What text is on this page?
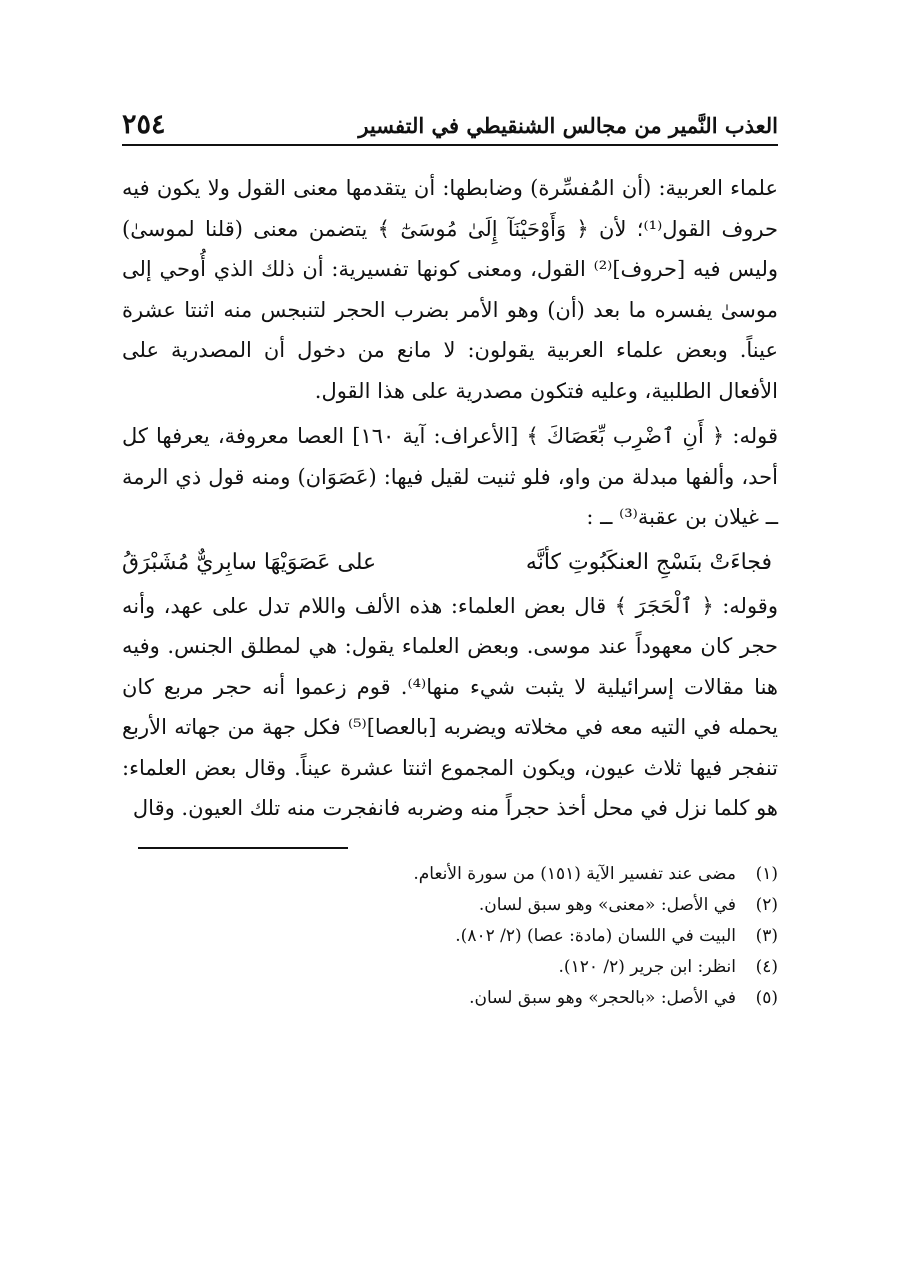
العذب النَّمير من مجالس الشنقيطي في التفسير
٢٥٤

علماء العربية: (أن المُفسِّرة) وضابطها: أن يتقدمها معنى القول ولا يكون فيه حروف القول⁽¹⁾؛ لأن ﴿ وَأَوْحَيْنَآ إِلَىٰ مُوسَىٰٓ ﴾ يتضمن معنى (قلنا لموسىٰ) وليس فيه [حروف]⁽²⁾ القول، ومعنى كونها تفسيرية: أن ذلك الذي أُوحي إلى موسىٰ يفسره ما بعد (أن) وهو الأمر بضرب الحجر لتنبجس منه اثنتا عشرة عيناً. وبعض علماء العربية يقولون: لا مانع من دخول أن المصدرية على الأفعال الطلبية، وعليه فتكون مصدرية على هذا القول.

قوله: ﴿ أَنِ ٱضْرِب بِّعَصَاكَ ﴾ [الأعراف: آية ١٦٠] العصا معروفة، يعرفها كل أحد، وألفها مبدلة من واو، فلو ثنيت لقيل فيها: (عَصَوَان) ومنه قول ذي الرمة ــ غيلان بن عقبة⁽³⁾ ــ :

فجاءَتْ بنَسْجِ العنكَبُوتِ كأنَّه
على عَصَوَيْهَا سابِريٌّ مُشَبْرَقُ

وقوله: ﴿ ٱلْحَجَرَ ﴾ قال بعض العلماء: هذه الألف واللام تدل على عهد، وأنه حجر كان معهوداً عند موسى. وبعض العلماء يقول: هي لمطلق الجنس. وفيه هنا مقالات إسرائيلية لا يثبت شيء منها⁽⁴⁾. قوم زعموا أنه حجر مربع كان يحمله في التيه معه في مخلاته ويضربه [بالعصا]⁽⁵⁾ فكل جهة من جهاته الأربع تنفجر فيها ثلاث عيون، ويكون المجموع اثنتا عشرة عيناً. وقال بعض العلماء: هو كلما نزل في محل أخذ حجراً منه وضربه فانفجرت منه تلك العيون. وقال

(١)
مضى عند تفسير الآية (١٥١) من سورة الأنعام.
(٢)
في الأصل: «معنى» وهو سبق لسان.
(٣)
البيت في اللسان (مادة: عصا) (٢/ ٨٠٢).
(٤)
انظر: ابن جرير (٢/ ١٢٠).
(٥)
في الأصل: «بالحجر» وهو سبق لسان.
